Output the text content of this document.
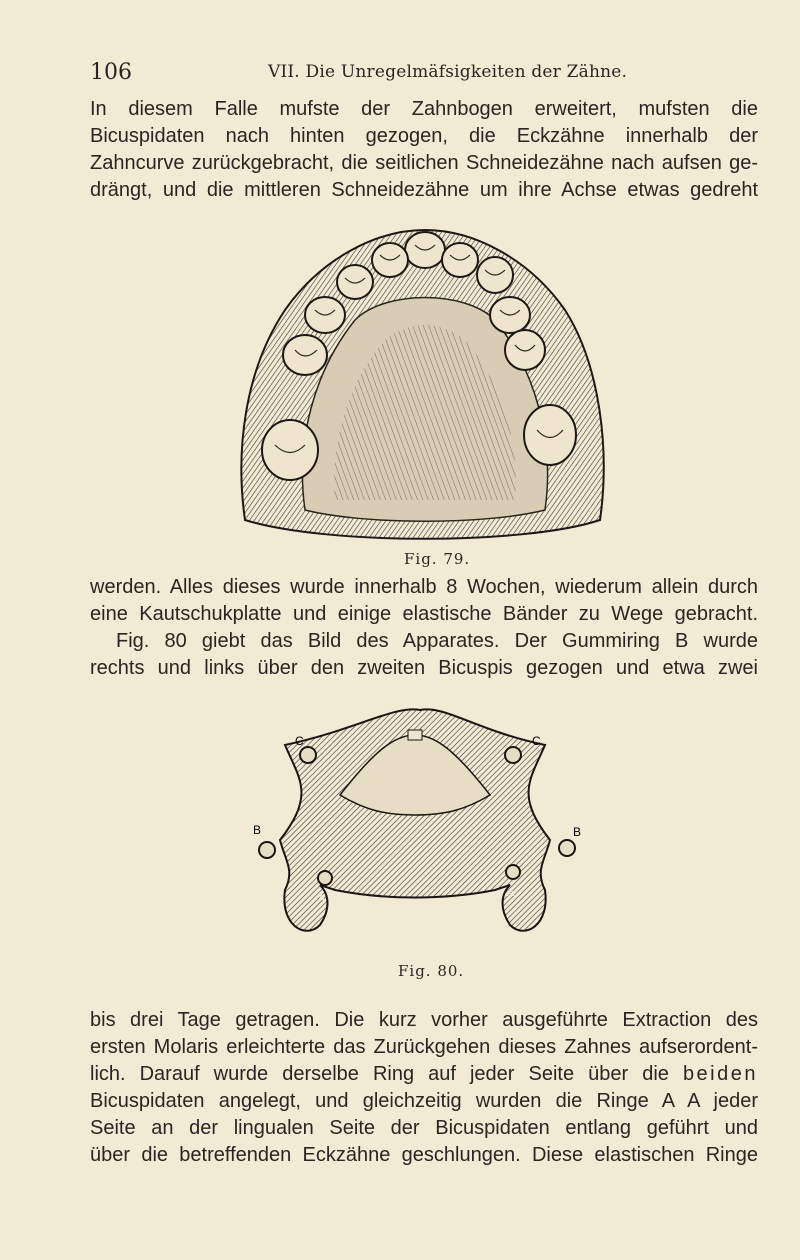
106	VII. Die Unregelmäfsigkeiten der Zähne.
In diesem Falle mufste der Zahnbogen erweitert, mufsten die
Bicuspidaten nach hinten gezogen, die Eckzähne innerhalb der
Zahncurve zurückgebracht, die seitlichen Schneidezähne nach aufsen ge-
drängt, und die mittleren Schneidezähne um ihre Achse etwas gedreht
Fig. 79.
werden. Alles dieses wurde innerhalb 8 Wochen, wiederum allein durch
eine Kautschukplatte und einige elastische Bänder zu Wege gebracht.
Fig. 80 giebt das Bild des Apparates. Der Gummiring B wurde
rechts und links über den zweiten Bicuspis gezogen und etwa zwei
C	C
B	B
A	A
Fig. 80.
bis drei Tage getragen. Die kurz vorher ausgeführte Extraction des
ersten Molaris erleichterte das Zurückgehen dieses Zahnes aufserordent-
lich. Darauf wurde derselbe Ring auf jeder Seite über die beiden
Bicuspidaten angelegt, und gleichzeitig wurden die Ringe A A jeder
Seite an der lingualen Seite der Bicuspidaten entlang geführt und
über die betreffenden Eckzähne geschlungen. Diese elastischen Ringe
